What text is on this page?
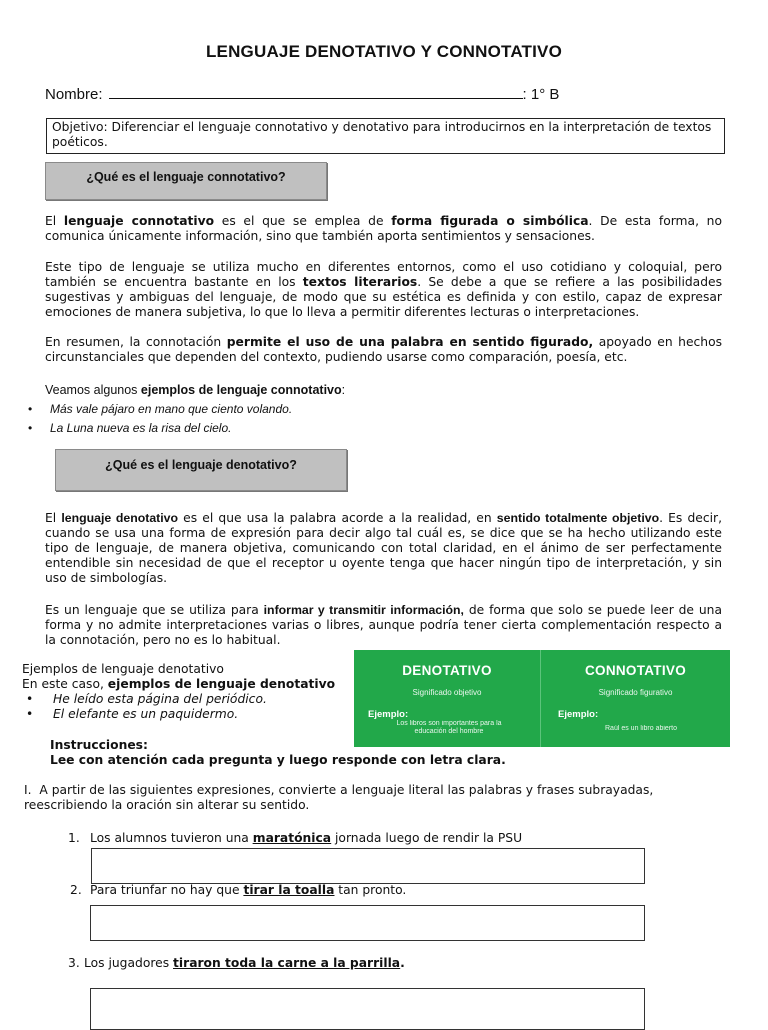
LENGUAJE DENOTATIVO Y CONNOTATIVO
Nombre:	: 1° B
Objetivo: Diferenciar el lenguaje connotativo y denotativo para introducirnos en la interpretación de textos poéticos.
¿Qué es el lenguaje connotativo?
El lenguaje connotativo es el que se emplea de forma figurada o simbólica. De esta forma, no comunica únicamente información, sino que también aporta sentimientos y sensaciones.
Este tipo de lenguaje se utiliza mucho en diferentes entornos, como el uso cotidiano y coloquial, pero también se encuentra bastante en los textos literarios. Se debe a que se refiere a las posibilidades sugestivas y ambiguas del lenguaje, de modo que su estética es definida y con estilo, capaz de expresar emociones de manera subjetiva, lo que lo lleva a permitir diferentes lecturas o interpretaciones.
En resumen, la connotación permite el uso de una palabra en sentido figurado, apoyado en hechos circunstanciales que dependen del contexto, pudiendo usarse como comparación, poesía, etc.
Veamos algunos ejemplos de lenguaje connotativo:
• Más vale pájaro en mano que ciento volando.
• La Luna nueva es la risa del cielo.
¿Qué es el lenguaje denotativo?
El lenguaje denotativo es el que usa la palabra acorde a la realidad, en sentido totalmente objetivo. Es decir, cuando se usa una forma de expresión para decir algo tal cuál es, se dice que se ha hecho utilizando este tipo de lenguaje, de manera objetiva, comunicando con total claridad, en el ánimo de ser perfectamente entendible sin necesidad de que el receptor u oyente tenga que hacer ningún tipo de interpretación, y sin uso de simbologías.
Es un lenguaje que se utiliza para informar y transmitir información, de forma que solo se puede leer de una forma y no admite interpretaciones varias o libres, aunque podría tener cierta complementación respecto a la connotación, pero no es lo habitual.
Ejemplos de lenguaje denotativo
En este caso, ejemplos de lenguaje denotativo
• He leído esta página del periódico.
• El elefante es un paquidermo.
DENOTATIVO
Significado objetivo
Ejemplo:
Los libros son importantes para la educación del hombre
CONNOTATIVO
Significado figurativo
Ejemplo:
Raúl es un libro abierto
Instrucciones:
Lee con atención cada pregunta y luego responde con letra clara.
I. A partir de las siguientes expresiones, convierte a lenguaje literal las palabras y frases subrayadas, reescribiendo la oración sin alterar su sentido.
1. Los alumnos tuvieron una maratónica jornada luego de rendir la PSU
2. Para triunfar no hay que tirar la toalla tan pronto.
3. Los jugadores tiraron toda la carne a la parrilla.
